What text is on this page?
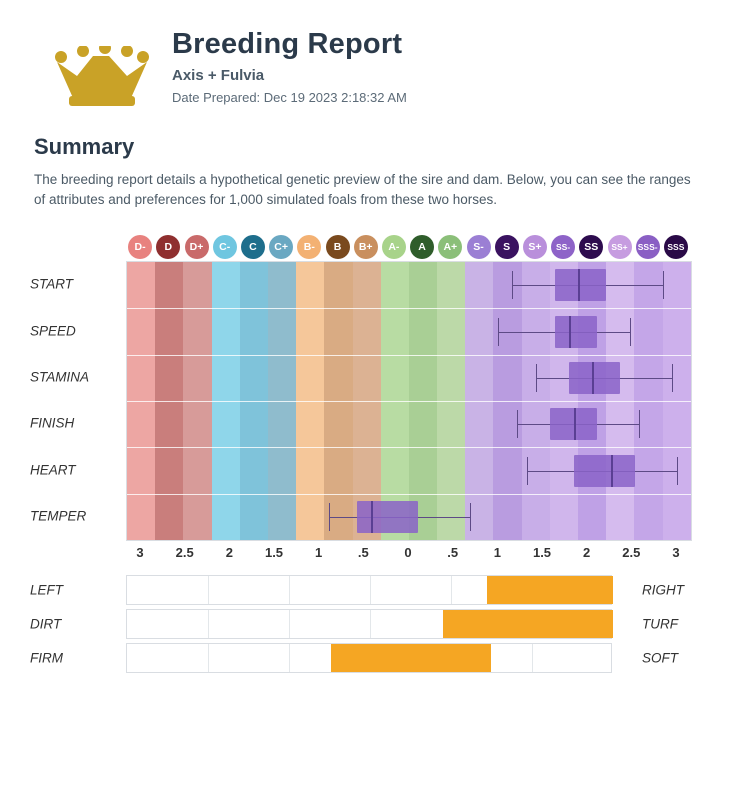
Breeding Report
Axis + Fulvia
Date Prepared: Dec 19 2023 2:18:32 AM
Summary

The breeding report details a hypothetical genetic preview of the sire and dam. Below, you can see the ranges of attributes and preferences for 1,000 simulated foals from these two horses.

D-	D	D+	C-	C	C+	B-	B	B+	A-	A	A+	S-	S	S+	SS-	SS	SS+	SSS-	SSS
START
SPEED
STAMINA
FINISH
HEART
TEMPER
3 2.5 2 1.5 1	.5	0	.5	1 1.5 2 2.5 3
LEFT	RIGHT
DIRT	TURF
FIRM	SOFT
